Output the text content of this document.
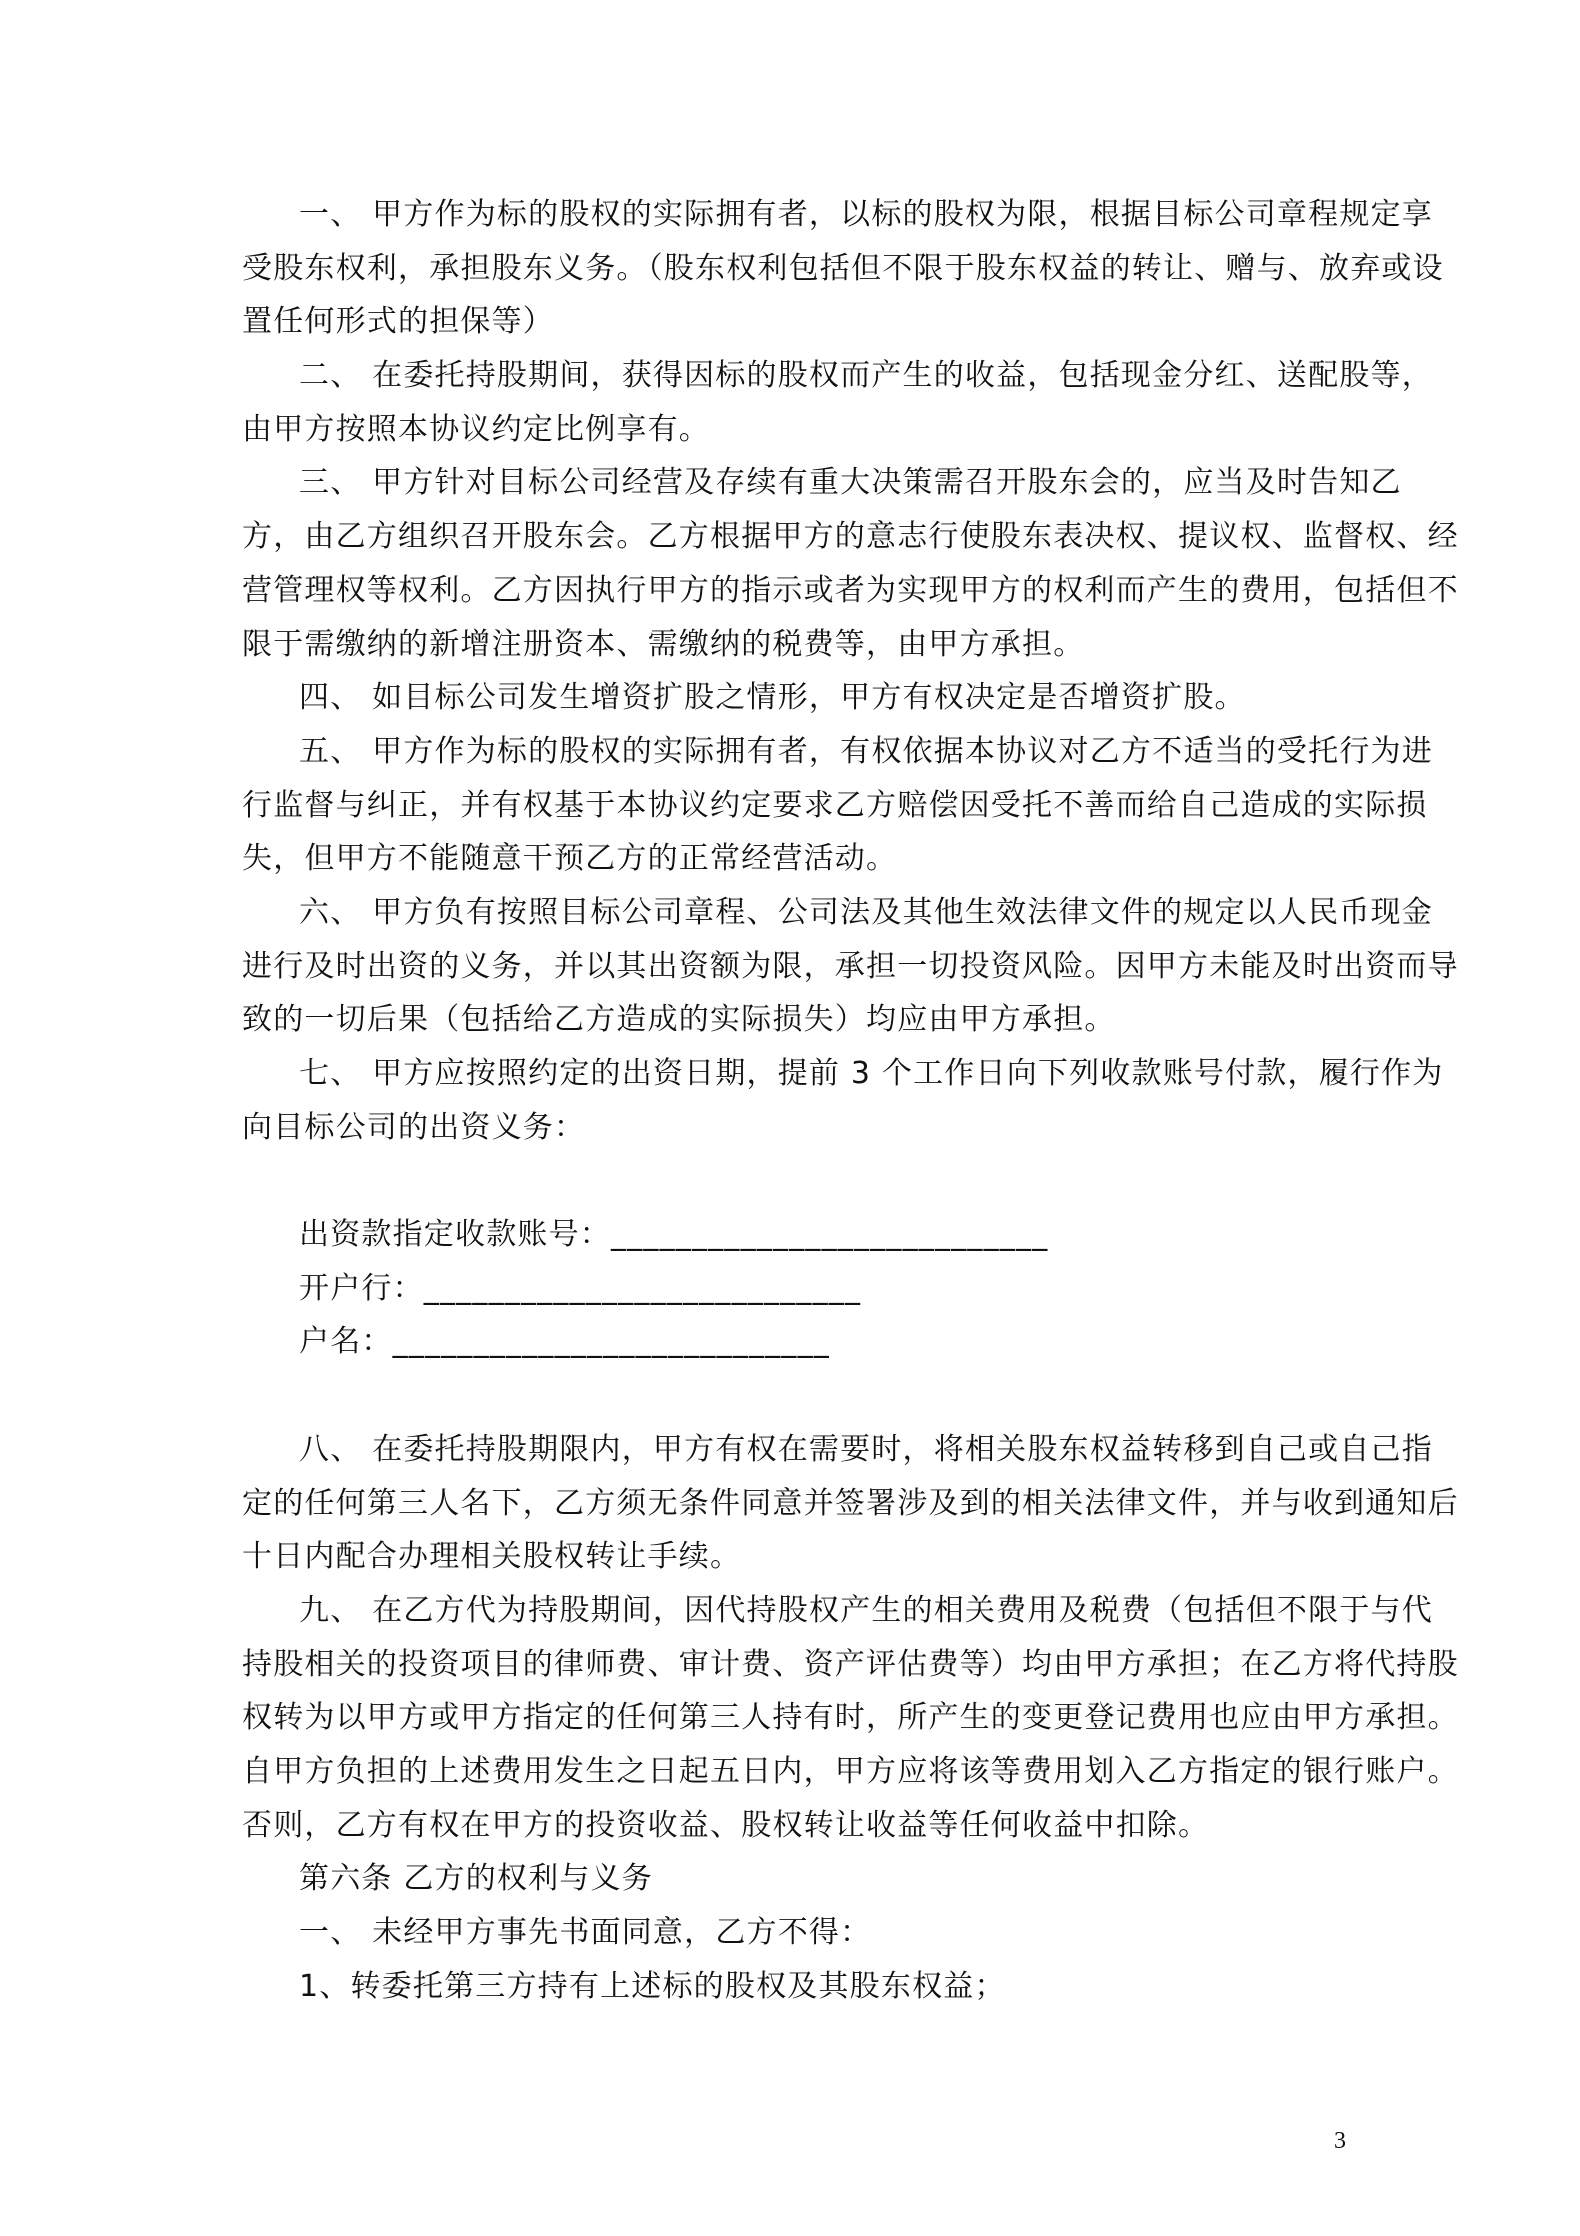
一、 甲方作为标的股权的实际拥有者，以标的股权为限，根据目标公司章程规定享
受股东权利，承担股东义务。（股东权利包括但不限于股东权益的转让、赠与、放弃或设
置任何形式的担保等）
二、 在委托持股期间，获得因标的股权而产生的收益，包括现金分红、送配股等，
由甲方按照本协议约定比例享有。
三、 甲方针对目标公司经营及存续有重大决策需召开股东会的，应当及时告知乙
方，由乙方组织召开股东会。乙方根据甲方的意志行使股东表决权、提议权、监督权、经
营管理权等权利。乙方因执行甲方的指示或者为实现甲方的权利而产生的费用，包括但不
限于需缴纳的新增注册资本、需缴纳的税费等，由甲方承担。
四、 如目标公司发生增资扩股之情形，甲方有权决定是否增资扩股。
五、 甲方作为标的股权的实际拥有者，有权依据本协议对乙方不适当的受托行为进
行监督与纠正，并有权基于本协议约定要求乙方赔偿因受托不善而给自己造成的实际损
失，但甲方不能随意干预乙方的正常经营活动。
六、 甲方负有按照目标公司章程、公司法及其他生效法律文件的规定以人民币现金
进行及时出资的义务，并以其出资额为限，承担一切投资风险。因甲方未能及时出资而导
致的一切后果（包括给乙方造成的实际损失）均应由甲方承担。
七、 甲方应按照约定的出资日期，提前 3 个工作日向下列收款账号付款，履行作为
向目标公司的出资义务：
出资款指定收款账号：___________________________
开户行：___________________________
户名：___________________________
八、 在委托持股期限内，甲方有权在需要时，将相关股东权益转移到自己或自己指
定的任何第三人名下，乙方须无条件同意并签署涉及到的相关法律文件，并与收到通知后
十日内配合办理相关股权转让手续。
九、 在乙方代为持股期间，因代持股权产生的相关费用及税费（包括但不限于与代
持股相关的投资项目的律师费、审计费、资产评估费等）均由甲方承担；在乙方将代持股
权转为以甲方或甲方指定的任何第三人持有时，所产生的变更登记费用也应由甲方承担。
自甲方负担的上述费用发生之日起五日内，甲方应将该等费用划入乙方指定的银行账户。
否则，乙方有权在甲方的投资收益、股权转让收益等任何收益中扣除。
第六条 乙方的权利与义务
一、 未经甲方事先书面同意，乙方不得：
1、转委托第三方持有上述标的股权及其股东权益；
3
